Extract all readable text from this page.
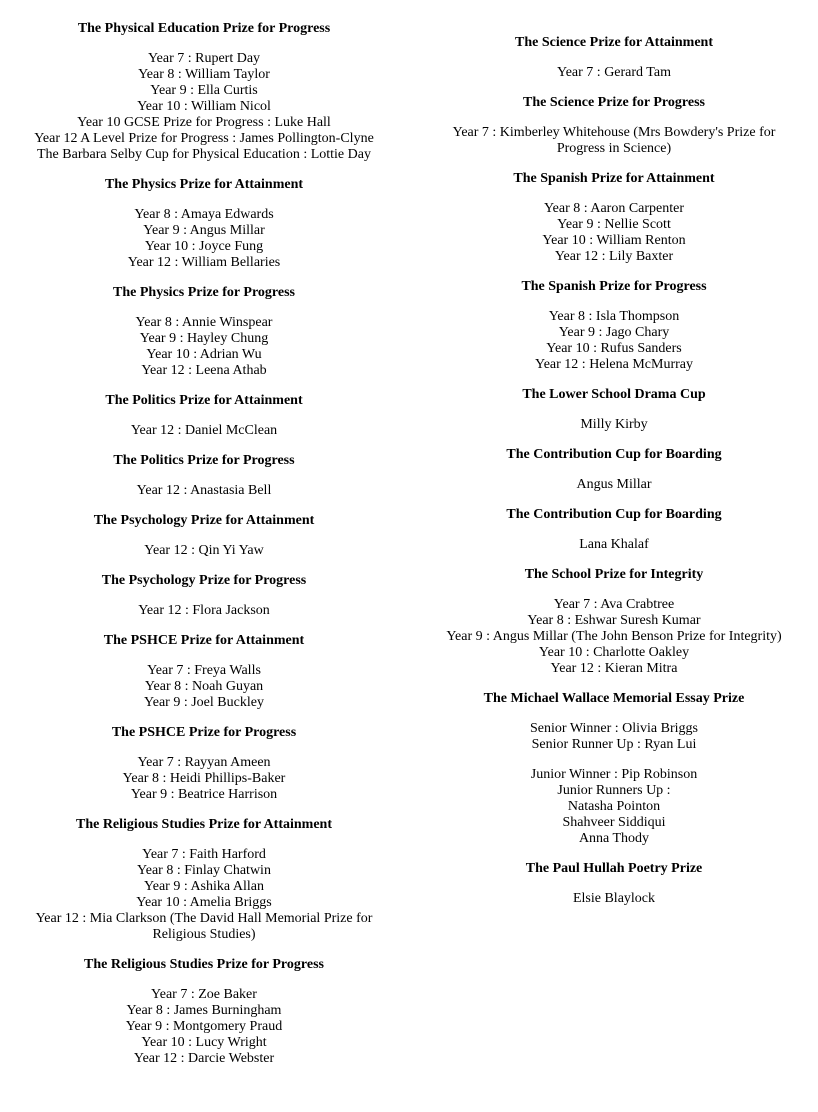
The Physical Education Prize for Progress
Year 7 : Rupert Day
Year 8 : William Taylor
Year 9 : Ella Curtis
Year 10 : William Nicol
Year 10 GCSE Prize for Progress : Luke Hall
Year 12 A Level Prize for Progress : James Pollington-Clyne
The Barbara Selby Cup for Physical Education : Lottie Day
The Physics Prize for Attainment
Year 8 : Amaya Edwards
Year 9 : Angus Millar
Year 10 : Joyce Fung
Year 12 : William Bellaries
The Physics Prize for Progress
Year 8 : Annie Winspear
Year 9 : Hayley Chung
Year 10 : Adrian Wu
Year 12 : Leena Athab
The Politics Prize for Attainment
Year 12 : Daniel McClean
The Politics Prize for Progress
Year 12 : Anastasia Bell
The Psychology Prize for Attainment
Year 12 : Qin Yi Yaw
The Psychology Prize for Progress
Year 12 : Flora Jackson
The PSHCE Prize for Attainment
Year 7 : Freya Walls
Year 8 : Noah Guyan
Year 9 : Joel Buckley
The PSHCE Prize for Progress
Year 7 : Rayyan Ameen
Year 8 : Heidi Phillips-Baker
Year 9 : Beatrice Harrison
The Religious Studies Prize for Attainment
Year 7 : Faith Harford
Year 8 : Finlay Chatwin
Year 9 : Ashika Allan
Year 10 : Amelia Briggs
Year 12 : Mia Clarkson (The David Hall Memorial Prize for Religious Studies)
The Religious Studies Prize for Progress
Year 7 : Zoe Baker
Year 8 : James Burningham
Year 9 : Montgomery Praud
Year 10 : Lucy Wright
Year 12 : Darcie Webster
The Science Prize for Attainment
Year 7 : Gerard Tam
The Science Prize for Progress
Year 7 : Kimberley Whitehouse (Mrs Bowdery's Prize for Progress in Science)
The Spanish Prize for Attainment
Year 8 : Aaron Carpenter
Year 9 : Nellie Scott
Year 10 : William Renton
Year 12 : Lily Baxter
The Spanish Prize for Progress
Year 8 : Isla Thompson
Year 9 : Jago Chary
Year 10 : Rufus Sanders
Year 12 : Helena McMurray
The Lower School Drama Cup
Milly Kirby
The Contribution Cup for Boarding
Angus Millar
The Contribution Cup for Boarding
Lana Khalaf
The School Prize for Integrity
Year 7 : Ava Crabtree
Year 8 : Eshwar Suresh Kumar
Year 9 : Angus Millar (The John Benson Prize for Integrity)
Year 10 : Charlotte Oakley
Year 12 : Kieran Mitra
The Michael Wallace Memorial Essay Prize
Senior Winner : Olivia Briggs
Senior Runner Up : Ryan Lui
Junior Winner : Pip Robinson
Junior Runners Up :
Natasha Pointon
Shahveer Siddiqui
Anna Thody
The Paul Hullah Poetry Prize
Elsie Blaylock
